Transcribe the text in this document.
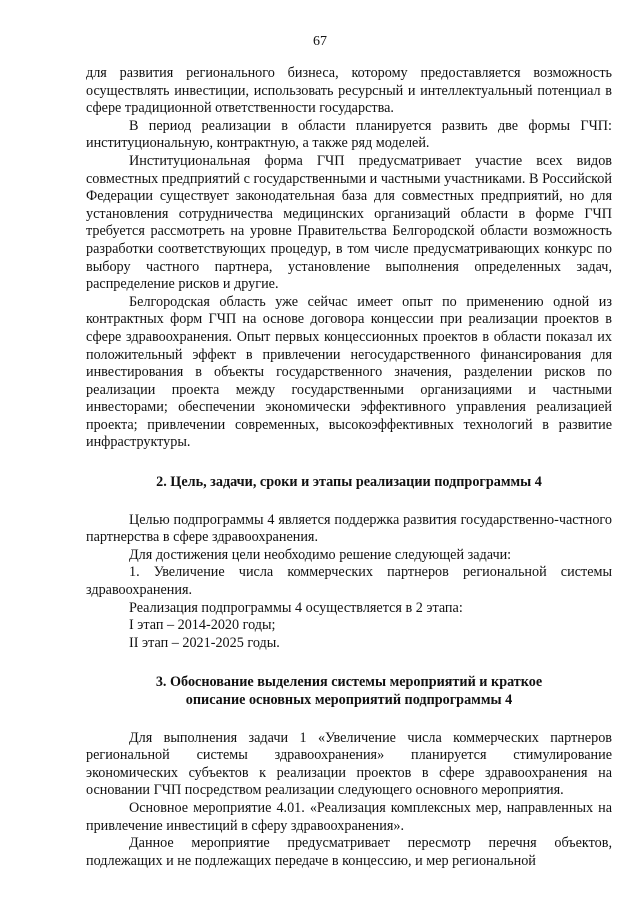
67

для развития регионального бизнеса, которому предоставляется возможность осуществлять инвестиции, использовать ресурсный и интеллектуальный потенциал в сфере традиционной ответственности государства.

В период реализации в области планируется развить две формы ГЧП: институциональную, контрактную, а также ряд моделей.

Институциональная форма ГЧП предусматривает участие всех видов совместных предприятий с государственными и частными участниками. В Российской Федерации существует законодательная база для совместных предприятий, но для установления сотрудничества медицинских организаций области в форме ГЧП требуется рассмотреть на уровне Правительства Белгородской области возможность разработки соответствующих процедур, в том числе предусматривающих конкурс по выбору частного партнера, установление выполнения определенных задач, распределение рисков и другие.

Белгородская область уже сейчас имеет опыт по применению одной из контрактных форм ГЧП на основе договора концессии при реализации проектов в сфере здравоохранения. Опыт первых концессионных проектов в области показал их положительный эффект в привлечении негосударственного финансирования для инвестирования в объекты государственного значения, разделении рисков по реализации проекта между государственными организациями и частными инвесторами; обеспечении экономически эффективного управления реализацией проекта; привлечении современных, высокоэффективных технологий в развитие инфраструктуры.

2. Цель, задачи, сроки и этапы реализации подпрограммы 4

Целью подпрограммы 4 является поддержка развития государственно-частного партнерства в сфере здравоохранения.

Для достижения цели необходимо решение следующей задачи:

1. Увеличение числа коммерческих партнеров региональной системы здравоохранения.

Реализация подпрограммы 4 осуществляется в 2 этапа:

I этап – 2014-2020 годы;

II этап – 2021-2025 годы.

3. Обоснование выделения системы мероприятий и краткое
описание основных мероприятий подпрограммы 4

Для выполнения задачи 1 «Увеличение числа коммерческих партнеров региональной системы здравоохранения» планируется стимулирование экономических субъектов к реализации проектов в сфере здравоохранения на основании ГЧП посредством реализации следующего основного мероприятия.

Основное мероприятие 4.01. «Реализация комплексных мер, направленных на привлечение инвестиций в сферу здравоохранения».

Данное мероприятие предусматривает пересмотр перечня объектов, подлежащих и не подлежащих передаче в концессию, и мер региональной
